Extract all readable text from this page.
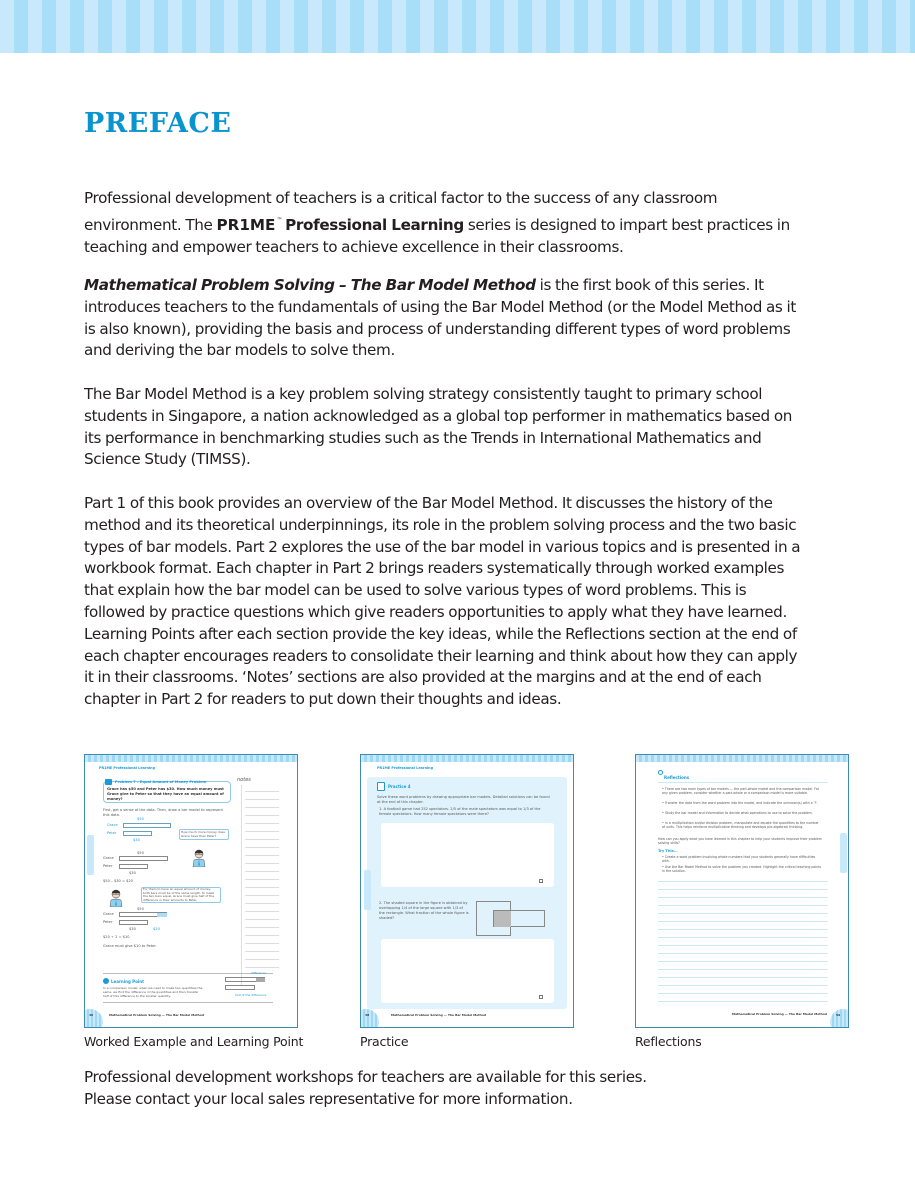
PREFACE

Professional development of teachers is a critical factor to the success of any classroom environment. The PR1ME™ Professional Learning series is designed to impart best practices in teaching and empower teachers to achieve excellence in their classrooms.

Mathematical Problem Solving – The Bar Model Method is the first book of this series. It introduces teachers to the fundamentals of using the Bar Model Method (or the Model Method as it is also known), providing the basis and process of understanding different types of word problems and deriving the bar models to solve them.

The Bar Model Method is a key problem solving strategy consistently taught to primary school students in Singapore, a nation acknowledged as a global top performer in mathematics based on its performance in benchmarking studies such as the Trends in International Mathematics and Science Study (TIMSS).

Part 1 of this book provides an overview of the Bar Model Method. It discusses the history of the method and its theoretical underpinnings, its role in the problem solving process and the two basic types of bar models. Part 2 explores the use of the bar model in various topics and is presented in a workbook format. Each chapter in Part 2 brings readers systematically through worked examples that explain how the bar model can be used to solve various types of word problems. This is followed by practice questions which give readers opportunities to apply what they have learned. Learning Points after each section provide the key ideas, while the Reflections section at the end of each chapter encourages readers to consolidate their learning and think about how they can apply it in their classrooms. ‘Notes’ sections are also provided at the margins and at the end of each chapter in Part 2 for readers to put down their thoughts and ideas.

PR1ME Professional Learning
Problem 7 – Equal Amount of Money Problem
Grace has $50 and Peter has $30. How much money must Grace give to Peter so that they have an equal amount of money?
notes
First, get a sense of the data. Then, draw a bar model to represent this data.
$50
Grace
Peter
$30
How much more money does Grace have than Peter?
$50
Grace
Peter
$30
$50 – $30 = $20
For them to have an equal amount of money, both bars must be of the same length. To make the two bars equal, Grace must give half of the difference in their amounts to Peter.
$50
Grace
Peter
$30	$20
$20 ÷ 2 = $10
Grace must give $10 to Peter.
Learning Point
In a comparison model, when we need to make two quantities the same, we find the difference in the quantities and then transfer half of this difference to the smaller quantity.
difference
half of the difference
46	Mathematical Problem Solving — The Bar Model Method
Worked Example and Learning Point
PR1ME Professional Learning
Practice 4
Solve these word problems by drawing appropriate bar models. Detailed solutions can be found at the end of this chapter.
1. A football game had 252 spectators. 2/5 of the male spectators was equal to 1/3 of the female spectators. How many female spectators were there?
2. The shaded square in the figure is obtained by overlapping 1/4 of the large square with 1/3 of the rectangle. What fraction of the whole figure is shaded?
48	Mathematical Problem Solving — The Bar Model Method
Practice
Reflections
• There are two main types of bar models — the part-whole model and the comparison model. For any given problem, consider whether a part-whole or a comparison model is more suitable.
• Transfer the data from the word problem into the model, and indicate the unknown(s) with a '?'.
• Study the bar model and information to decide what operations to use to solve the problem.
• In a multiplication and/or division problem, manipulate and equate the quantities to the number of units. This helps reinforce multiplicative thinking and develops pre-algebraic thinking.
How can you apply what you have learned in this chapter to help your students improve their problem solving skills?
Try This...
• Create a word problem involving whole numbers that your students generally have difficulties with.
• Use the Bar Model Method to solve the problem you created. Highlight the critical teaching points in the solution.
Mathematical Problem Solving — The Bar Model Method	59
Reflections

Professional development workshops for teachers are available for this series.
Please contact your local sales representative for more information.
